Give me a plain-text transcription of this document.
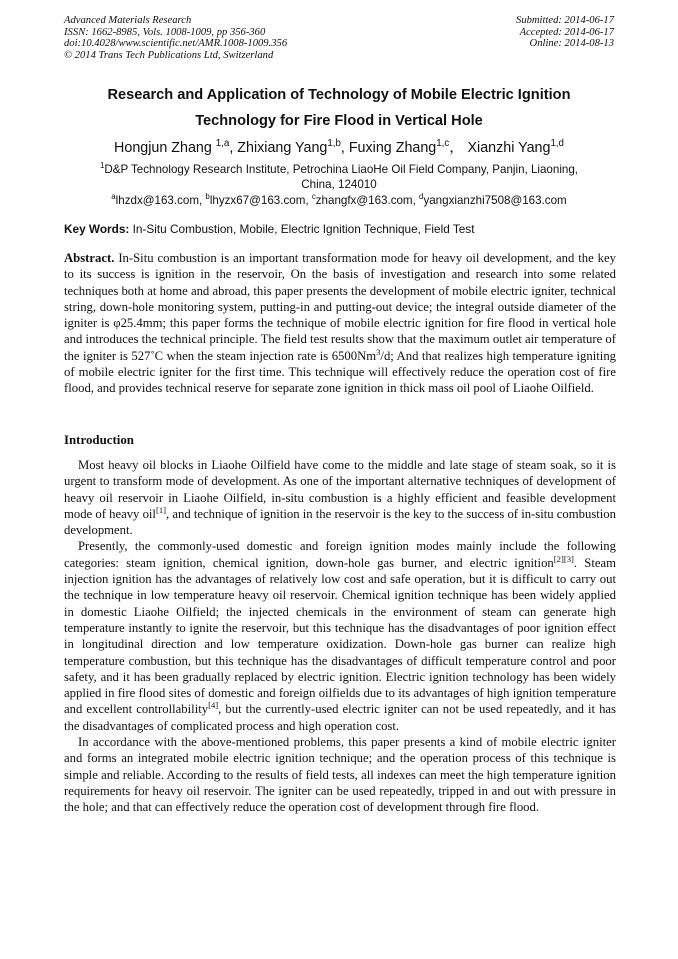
Advanced Materials Research
ISSN: 1662-8985, Vols. 1008-1009, pp 356-360
doi:10.4028/www.scientific.net/AMR.1008-1009.356
© 2014 Trans Tech Publications Ltd, Switzerland
Submitted: 2014-06-17
Accepted: 2014-06-17
Online: 2014-08-13
Research and Application of Technology of Mobile Electric Ignition
Technology for Fire Flood in Vertical Hole
Hongjun Zhang $^{1,a}$, Zhixiang Yang$^{1,b}$, Fuxing Zhang$^{1,c}$， Xianzhi Yang$^{1,d}$
$^1$D&P Technology Research Institute, Petrochina LiaoHe Oil Field Company, Panjin, Liaoning,
China, 124010
$^a$lhzdx@163.com, $^b$lhyzx67@163.com, $^c$zhangfx@163.com, $^d$yangxianzhi7508@163.com
Key Words: In-Situ Combustion, Mobile, Electric Ignition Technique, Field Test

Abstract. In-Situ combustion is an important transformation mode for heavy oil development, and the key to its success is ignition in the reservoir, On the basis of investigation and research into some related techniques both at home and abroad, this paper presents the development of mobile electric igniter, technical string, down-hole monitoring system, putting-in and putting-out device; the integral outside diameter of the igniter is φ25.4mm; this paper forms the technique of mobile electric ignition for fire flood in vertical hole and introduces the technical principle. The field test results show that the maximum outlet air temperature of the igniter is 527˚C when the steam injection rate is 6500Nm$^3$/d; And that realizes high temperature igniting of mobile electric igniter for the first time. This technique will effectively reduce the operation cost of fire flood, and provides technical reserve for separate zone ignition in thick mass oil pool of Liaohe Oilfield.

Introduction

Most heavy oil blocks in Liaohe Oilfield have come to the middle and late stage of steam soak, so it is urgent to transform mode of development. As one of the important alternative techniques of development of heavy oil reservoir in Liaohe Oilfield, in-situ combustion is a highly efficient and feasible development mode of heavy oil[1], and technique of ignition in the reservoir is the key to the success of in-situ combustion development.

Presently, the commonly-used domestic and foreign ignition modes mainly include the following categories: steam ignition, chemical ignition, down-hole gas burner, and electric ignition[2][3]. Steam injection ignition has the advantages of relatively low cost and safe operation, but it is difficult to carry out the technique in low temperature heavy oil reservoir. Chemical ignition technique has been widely applied in domestic Liaohe Oilfield; the injected chemicals in the environment of steam can generate high temperature instantly to ignite the reservoir, but this technique has the disadvantages of poor ignition effect in longitudinal direction and low temperature oxidization. Down-hole gas burner can realize high temperature combustion, but this technique has the disadvantages of difficult temperature control and poor safety, and it has been gradually replaced by electric ignition. Electric ignition technology has been widely applied in fire flood sites of domestic and foreign oilfields due to its advantages of high ignition temperature and excellent controllability[4], but the currently-used electric igniter can not be used repeatedly, and it has the disadvantages of complicated process and high operation cost.

In accordance with the above-mentioned problems, this paper presents a kind of mobile electric igniter and forms an integrated mobile electric ignition technique; and the operation process of this technique is simple and reliable. According to the results of field tests, all indexes can meet the high temperature ignition requirements for heavy oil reservoir. The igniter can be used repeatedly, tripped in and out with pressure in the hole; and that can effectively reduce the operation cost of development through fire flood.
